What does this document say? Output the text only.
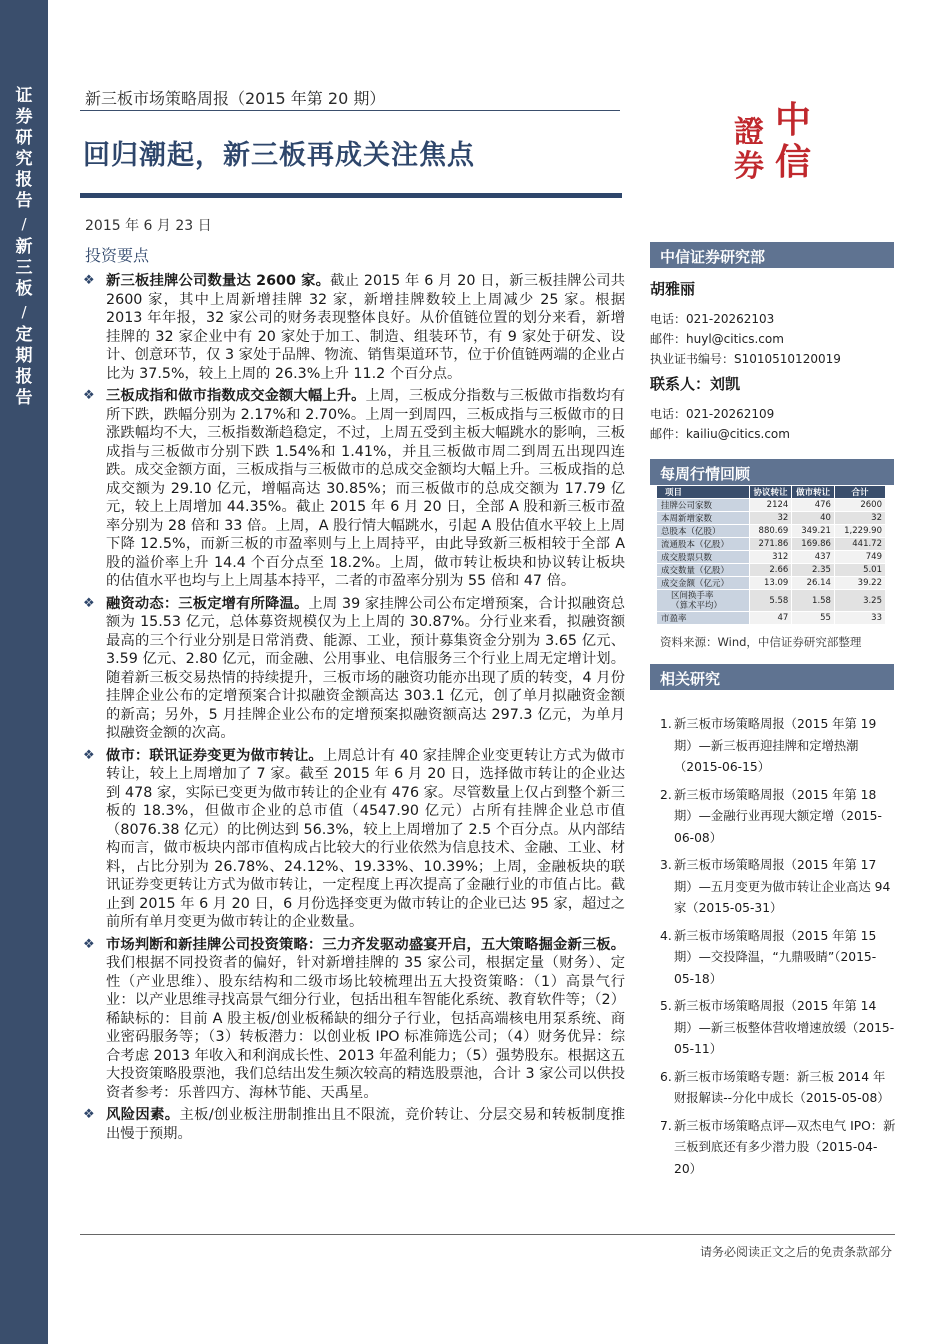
证券研究报告
/
新三板
/
定期报告
新三板市场策略周报（2015 年第 20 期）
回归潮起，新三板再成关注焦点
2015 年 6 月 23 日
投资要点
中
證
信
券
❖ 新三板挂牌公司数量达 2600 家。截止 2015 年 6 月 20 日，新三板挂牌公司共 2600 家，其中上周新增挂牌 32 家，新增挂牌数较上上周减少 25 家。根据 2013 年年报，32 家公司的财务表现整体良好。从价值链位置的划分来看，新增挂牌的 32 家企业中有 20 家处于加工、制造、组装环节，有 9 家处于研发、设计、创意环节，仅 3 家处于品牌、物流、销售渠道环节，位于价值链两端的企业占比为 37.5%，较上上周的 26.3%上升 11.2 个百分点。
❖ 三板成指和做市指数成交金额大幅上升。上周，三板成分指数与三板做市指数均有所下跌，跌幅分别为 2.17%和 2.70%。上周一到周四，三板成指与三板做市的日涨跌幅均不大，三板指数渐趋稳定，不过，上周五受到主板大幅跳水的影响，三板成指与三板做市分别下跌 1.54%和 1.41%，并且三板做市周二到周五出现四连跌。成交金额方面，三板成指与三板做市的总成交金额均大幅上升。三板成指的总成交额为 29.10 亿元，增幅高达 30.85%；而三板做市的总成交额为 17.79 亿元，较上上周增加 44.35%。截止 2015 年 6 月 20 日，全部 A 股和新三板市盈率分别为 28 倍和 33 倍。上周，A 股行情大幅跳水，引起 A 股估值水平较上上周下降 12.5%，而新三板的市盈率则与上上周持平，由此导致新三板相较于全部 A 股的溢价率上升 14.4 个百分点至 18.2%。上周，做市转让板块和协议转让板块的估值水平也均与上上周基本持平，二者的市盈率分别为 55 倍和 47 倍。
❖ 融资动态：三板定增有所降温。上周 39 家挂牌公司公布定增预案，合计拟融资总额为 15.53 亿元，总体募资规模仅为上上周的 30.87%。分行业来看，拟融资额最高的三个行业分别是日常消费、能源、工业，预计募集资金分别为 3.65 亿元、3.59 亿元、2.80 亿元，而金融、公用事业、电信服务三个行业上周无定增计划。随着新三板交易热情的持续提升，三板市场的融资功能亦出现了质的转变，4 月份挂牌企业公布的定增预案合计拟融资金额高达 303.1 亿元，创了单月拟融资金额的新高；另外，5 月挂牌企业公布的定增预案拟融资额高达 297.3 亿元，为单月拟融资金额的次高。
❖ 做市：联讯证券变更为做市转让。上周总计有 40 家挂牌企业变更转让方式为做市转让，较上上周增加了 7 家。截至 2015 年 6 月 20 日，选择做市转让的企业达到 478 家，实际已变更为做市转让的企业有 476 家。尽管数量上仅占到整个新三板的 18.3%，但做市企业的总市值（4547.90 亿元）占所有挂牌企业总市值（8076.38 亿元）的比例达到 56.3%，较上上周增加了 2.5 个百分点。从内部结构而言，做市板块内部市值构成占比较大的行业依然为信息技术、金融、工业、材料，占比分别为 26.78%、24.12%、19.33%、10.39%；上周，金融板块的联讯证券变更转让方式为做市转让，一定程度上再次提高了金融行业的市值占比。截止到 2015 年 6 月 20 日，6 月份选择变更为做市转让的企业已达 95 家，超过之前所有单月变更为做市转让的企业数量。
❖ 市场判断和新挂牌公司投资策略：三力齐发驱动盛宴开启，五大策略掘金新三板。我们根据不同投资者的偏好，针对新增挂牌的 35 家公司，根据定量（财务）、定性（产业思维）、股东结构和二级市场比较梳理出五大投资策略：（1）高景气行业：以产业思维寻找高景气细分行业，包括出租车智能化系统、教育软件等；（2）稀缺标的：目前 A 股主板/创业板稀缺的细分子行业，包括高端核电用泵系统、商业密码服务等；（3）转板潜力：以创业板 IPO 标准筛选公司；（4）财务优异：综合考虑 2013 年收入和利润成长性、2013 年盈利能力；（5）强势股东。根据这五大投资策略股票池，我们总结出发生频次较高的精选股票池，合计 3 家公司以供投资者参考：乐普四方、海林节能、天禹星。
❖ 风险因素。主板/创业板注册制推出且不限流，竞价转让、分层交易和转板制度推出慢于预期。
中信证券研究部
胡雅丽
电话：021-20262103
邮件：huyl@citics.com
执业证书编号：S1010510120019
联系人：刘凯
电话：021-20262109
邮件：kailiu@citics.com
每周行情回顾
项目	协议转让	做市转让	合计
挂牌公司家数	2124	476	2600
本周新增家数	32	40	32
总股本（亿股）	880.69	349.21	1,229.90
流通股本（亿股）	271.86	169.86	441.72
成交股票只数	312	437	749
成交数量（亿股）	2.66	2.35	5.01
成交金额（亿元）	13.09	26.14	39.22

区间换手率
（算术平均）	5.58	1.58	3.25
市盈率	47	55	33
资料来源：Wind，中信证券研究部整理
相关研究
1. 新三板市场策略周报（2015 年第 19 期）—新三板再迎挂牌和定增热潮（2015-06-15）
2. 新三板市场策略周报（2015 年第 18 期）—金融行业再现大额定增（2015-06-08）
3. 新三板市场策略周报（2015 年第 17 期）—五月变更为做市转让企业高达 94 家（2015-05-31）
4. 新三板市场策略周报（2015 年第 15 期）—交投降温，“九鼎吸睛”（2015-05-18）
5. 新三板市场策略周报（2015 年第 14 期）—新三板整体营收增速放缓（2015-05-11）
6. 新三板市场策略专题：新三板 2014 年财报解读--分化中成长（2015-05-08）
7. 新三板市场策略点评—双杰电气 IPO：新三板到底还有多少潜力股（2015-04-20）
请务必阅读正文之后的免责条款部分
